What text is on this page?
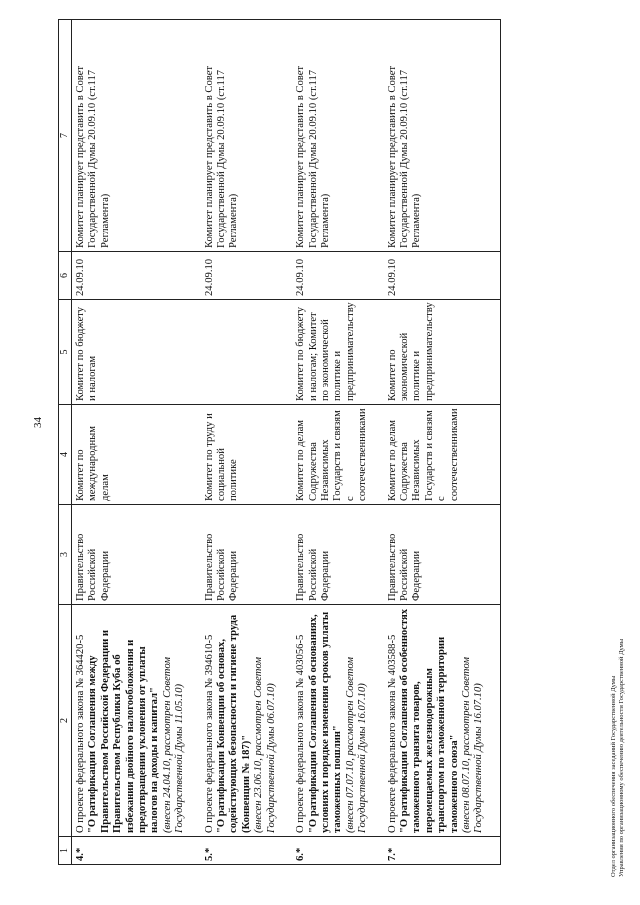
34
1	2	3	4	5	6	7
4.*	О проекте федерального закона № 364420-5 "О ратификации Соглашения между Правительством Российской Федерации и Правительством Республики Куба об избежании двойного налогообложения и предотвращении уклонения от уплаты налогов на доходы и капитал" (внесен 24.04.10, рассмотрен Советом Государственной Думы 11.05.10)	Правительство Российской Федерации	Комитет по международным делам	Комитет по бюджету и налогам	24.09.10	Комитет планирует представить в Совет Государственной Думы 20.09.10 (ст.117 Регламента)
5.*	О проекте федерального закона № 394610-5 "О ратификации Конвенции об основах, содействующих безопасности и гигиене труда (Конвенции № 187)" (внесен 23.06.10, рассмотрен Советом Государственной Думы 06.07.10)	Правительство Российской Федерации	Комитет по труду и социальной политике		24.09.10	Комитет планирует представить в Совет Государственной Думы 20.09.10 (ст.117 Регламента)
6.*	О проекте федерального закона № 403056-5 "О ратификации Соглашения об основаниях, условиях и порядке изменения сроков уплаты таможенных пошлин" (внесен 07.07.10, рассмотрен Советом Государственной Думы 16.07.10)	Правительство Российской Федерации	Комитет по делам Содружества Независимых Государств и связям с соотечественниками	Комитет по бюджету и налогам; Комитет по экономической политике и предпринимательству	24.09.10	Комитет планирует представить в Совет Государственной Думы 20.09.10 (ст.117 Регламента)
7.*	О проекте федерального закона № 403588-5 "О ратификации Соглашения об особенностях таможенного транзита товаров, перемещаемых железнодорожным транспортом по таможенной территории таможенного союза" (внесен 08.07.10, рассмотрен Советом Государственной Думы 16.07.10)	Правительство Российской Федерации	Комитет по делам Содружества Независимых Государств и связям с соотечественниками	Комитет по экономической политике и предпринимательству	24.09.10	Комитет планирует представить в Совет Государственной Думы 20.09.10 (ст.117 Регламента)
Отдел организационного обеспечения заседаний Государственной Думы Управления по организационному обеспечению деятельности Государственной Думы
